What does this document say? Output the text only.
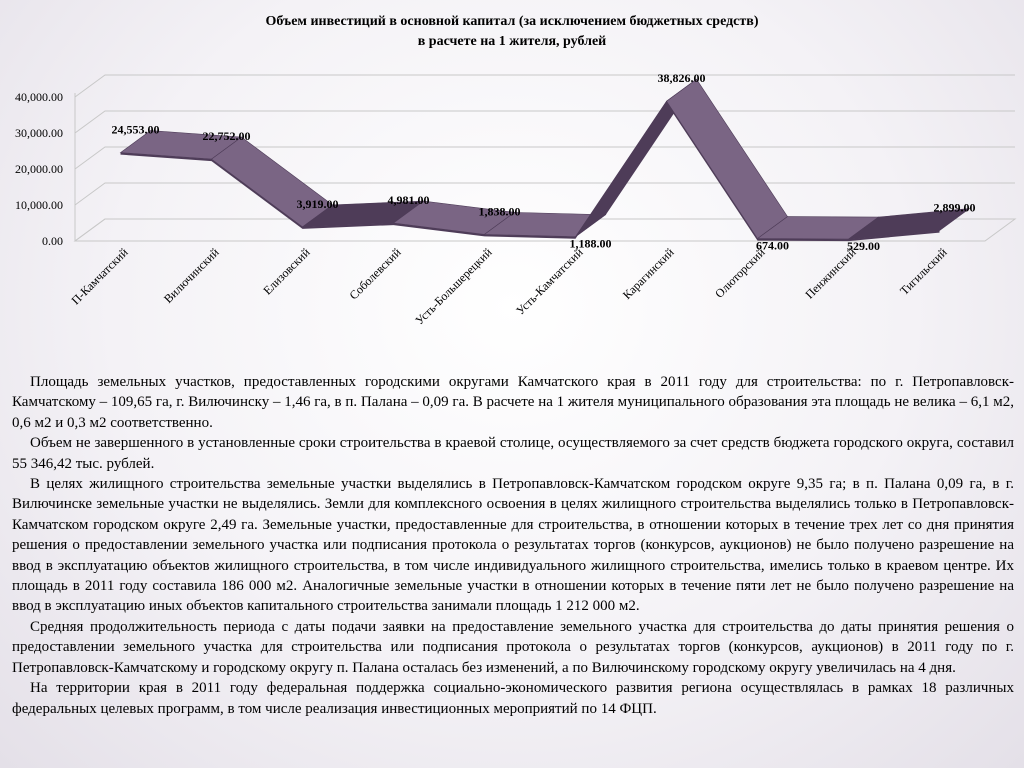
Объем инвестиций в основной капитал (за исключением бюджетных средств)
в расчете на 1 жителя, рублей
0.00
10,000.00
20,000.00
30,000.00
40,000.00
24,553.00	22,752.00
3,919.00	4,981.00
1,838.00
1,188.00
38,826.00
674.00	529.00
2,899.00
П-Камчатский	Вилючинский	Елизовский	Соболевский Усть-Большерецкий Усть-Камчатский	Карагинский	Олюторский	Пенжинский	Тигильский

Площадь земельных участков, предоставленных городскими округами Камчатского края в 2011 году для строительства: по г. Петропавловск-Камчатскому – 109,65 га, г. Вилючинску – 1,46 га, в п. Палана – 0,09 га. В расчете на 1 жителя муниципального образования эта площадь не велика – 6,1 м2, 0,6 м2 и 0,3 м2 соответственно.

Объем не завершенного в установленные сроки строительства в краевой столице, осуществляемого за счет средств бюджета городского округа, составил 55 346,42 тыс. рублей.

В целях жилищного строительства земельные участки выделялись в Петропавловск-Камчатском городском округе 9,35 га; в п. Палана 0,09 га, в г. Вилючинске земельные участки не выделялись. Земли для комплексного освоения в целях жилищного строительства выделялись только в Петропавловск-Камчатском городском округе 2,49 га. Земельные участки, предоставленные для строительства, в отношении которых в течение трех лет со дня принятия решения о предоставлении земельного участка или подписания протокола о результатах торгов (конкурсов, аукционов) не было получено разрешение на ввод в эксплуатацию объектов жилищного строительства, в том числе индивидуального жилищного строительства, имелись только в краевом центре. Их площадь в 2011 году составила 186 000 м2. Аналогичные земельные участки в отношении которых в течение пяти лет не было получено разрешение на ввод в эксплуатацию иных объектов капитального строительства занимали площадь 1 212 000 м2.

Средняя продолжительность периода с даты подачи заявки на предоставление земельного участка для строительства до даты принятия решения о предоставлении земельного участка для строительства или подписания протокола о результатах торгов (конкурсов, аукционов) в 2011 году по г. Петропавловск-Камчатскому и городскому округу п. Палана осталась без изменений, а по Вилючинскому городскому округу увеличилась на 4 дня.

На территории края в 2011 году федеральная поддержка социально-экономического развития региона осуществлялась в рамках 18 различных федеральных целевых программ, в том числе реализация инвестиционных мероприятий по 14 ФЦП.
